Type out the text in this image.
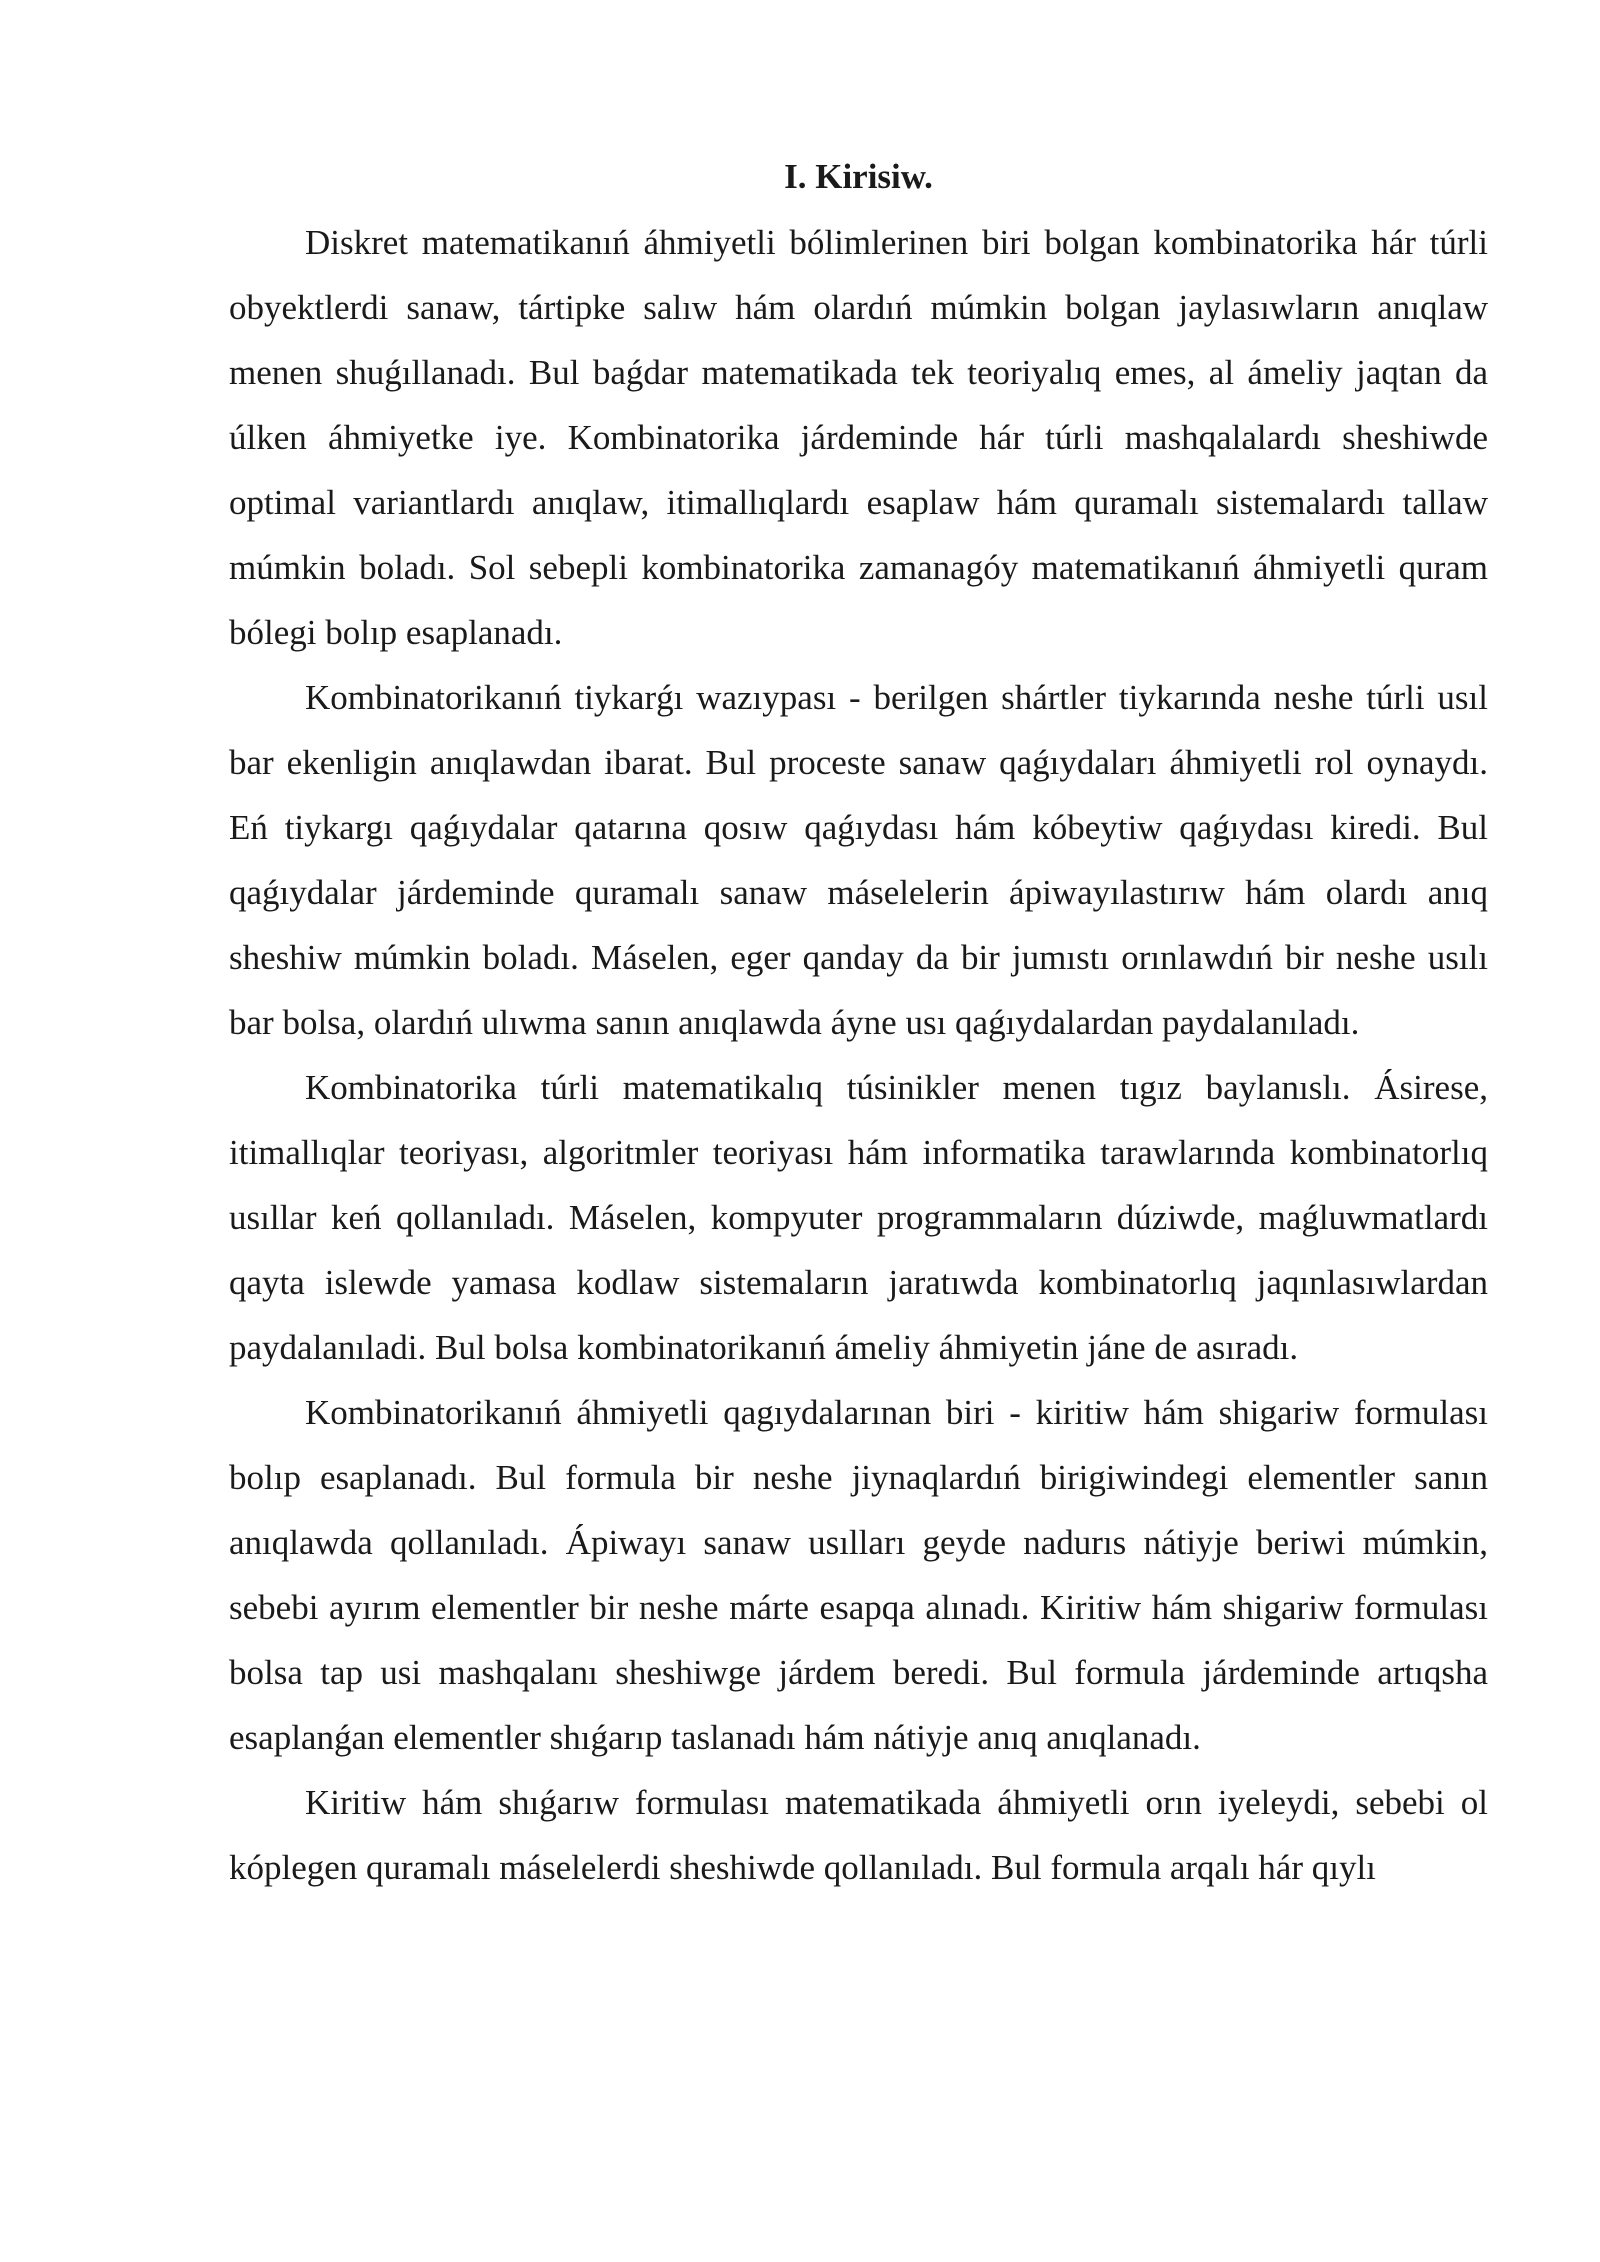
I. Kirisiw.

Diskret matematikanıń áhmiyetli bólimlerinen biri bolgan kombinatorika hár túrli obyektlerdi sanaw, tártipke salıw hám olardıń múmkin bolgan jaylasıwların anıqlaw menen shuǵıllanadı. Bul baǵdar matematikada tek teoriyalıq emes, al ámeliy jaqtan da úlken áhmiyetke iye. Kombinatorika járdeminde hár túrli mashqalalardı sheshiwde optimal variantlardı anıqlaw, itimallıqlardı esaplaw hám quramalı sistemalardı tallaw múmkin boladı. Sol sebepli kombinatorika zamanagóy matematikanıń áhmiyetli quram bólegi bolıp esaplanadı.

Kombinatorikanıń tiykarǵı wazıypası - berilgen shártler tiykarında neshe túrli usıl bar ekenligin anıqlawdan ibarat. Bul proceste sanaw qaǵıydaları áhmiyetli rol oynaydı. Eń tiykargı qaǵıydalar qatarına qosıw qaǵıydası hám kóbeytiw qaǵıydası kiredi. Bul qaǵıydalar járdeminde quramalı sanaw máselelerin ápiwayılastırıw hám olardı anıq sheshiw múmkin boladı. Máselen, eger qanday da bir jumıstı orınlawdıń bir neshe usılı bar bolsa, olardıń ulıwma sanın anıqlawda áyne usı qaǵıydalardan paydalanıladı.

Kombinatorika túrli matematikalıq túsinikler menen tıgız baylanıslı. Ásirese, itimallıqlar teoriyası, algoritmler teoriyası hám informatika tarawlarında kombinatorlıq usıllar keń qollanıladı. Máselen, kompyuter programmaların dúziwde, maǵluwmatlardı qayta islewde yamasa kodlaw sistemaların jaratıwda kombinatorlıq jaqınlasıwlardan paydalanıladi. Bul bolsa kombinatorikanıń ámeliy áhmiyetin jáne de asıradı.

Kombinatorikanıń áhmiyetli qagıydalarınan biri - kiritiw hám shigariw formulası bolıp esaplanadı. Bul formula bir neshe jiynaqlardıń birigiwindegi elementler sanın anıqlawda qollanıladı. Ápiwayı sanaw usılları geyde nadurıs nátiyje beriwi múmkin, sebebi ayırım elementler bir neshe márte esapqa alınadı. Kiritiw hám shigariw formulası bolsa tap usi mashqalanı sheshiwge járdem beredi. Bul formula járdeminde artıqsha esaplanǵan elementler shıǵarıp taslanadı hám nátiyje anıq anıqlanadı.

Kiritiw hám shıǵarıw formulası matematikada áhmiyetli orın iyeleydi, sebebi ol kóplegen quramalı máselelerdi sheshiwde qollanıladı. Bul formula arqalı hár qıylı
